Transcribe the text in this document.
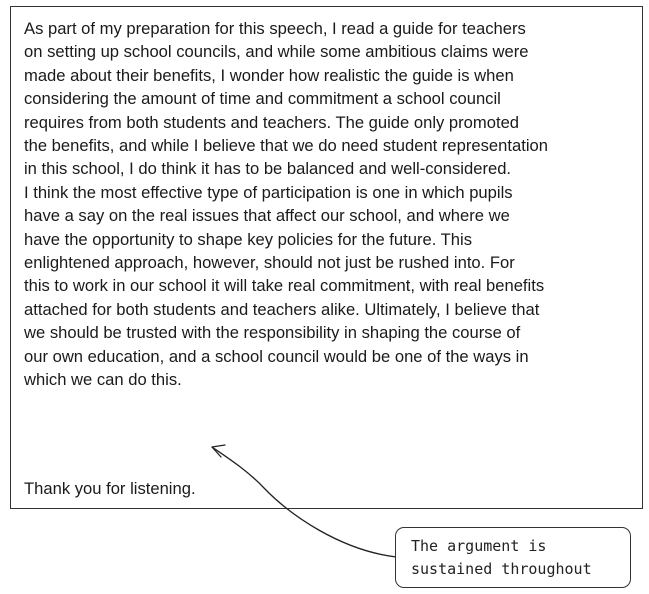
As part of my preparation for this speech, I read a guide for teachers
on setting up school councils, and while some ambitious claims were
made about their benefits, I wonder how realistic the guide is when
considering the amount of time and commitment a school council
requires from both students and teachers. The guide only promoted
the benefits, and while I believe that we do need student representation
in this school, I do think it has to be balanced and well-considered.
I think the most effective type of participation is one in which pupils
have a say on the real issues that affect our school, and where we
have the opportunity to shape key policies for the future. This
enlightened approach, however, should not just be rushed into. For
this to work in our school it will take real commitment, with real benefits
attached for both students and teachers alike. Ultimately, I believe that
we should be trusted with the responsibility in shaping the course of
our own education, and a school council would be one of the ways in
which we can do this.

Thank you for listening.

The argument is
sustained throughout
